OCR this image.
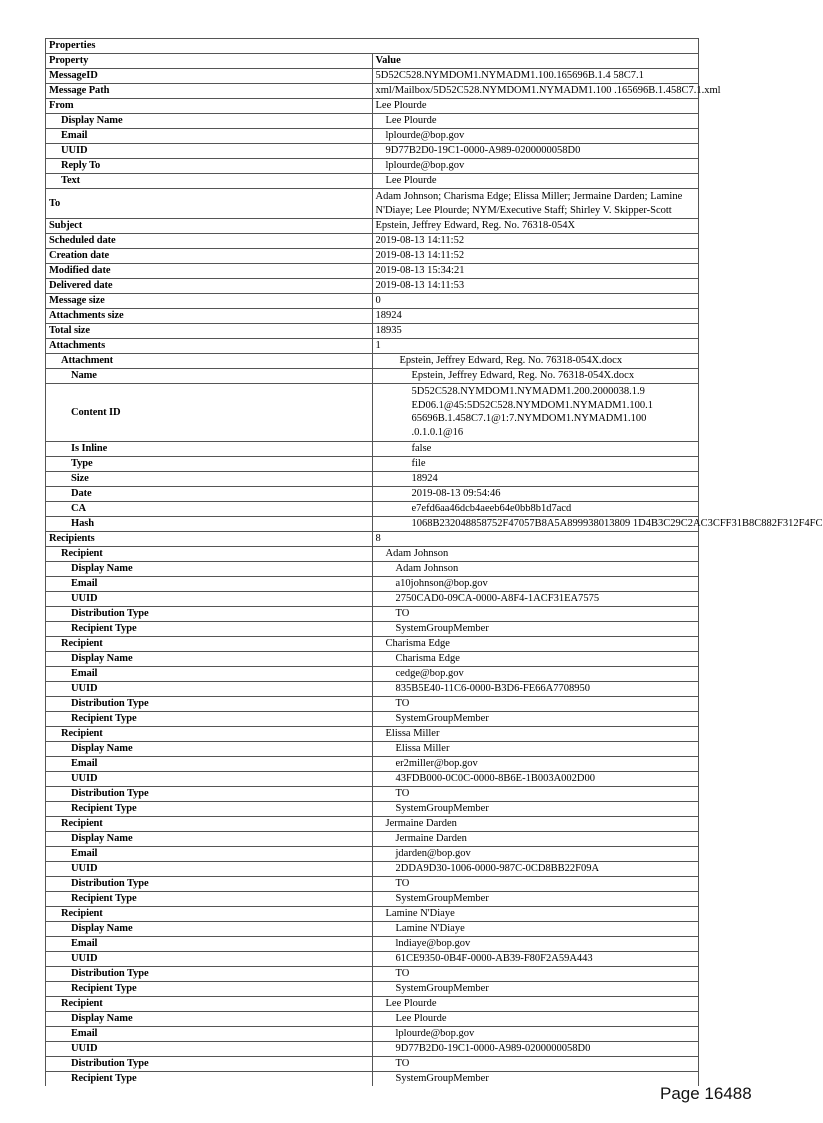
Properties	
Property	Value
MessageID	5D52C528.NYMDOM1.NYMADM1.100.165696B.1.4 58C7.1
Message Path	xml/Mailbox/5D52C528.NYMDOM1.NYMADM1.100 .165696B.1.458C7.1.xml
From	Lee Plourde
Display Name	Lee Plourde
Email	lplourde@bop.gov
UUID	9D77B2D0-19C1-0000-A989-0200000058D0
Reply To	lplourde@bop.gov
Text	Lee Plourde
To	Adam Johnson; Charisma Edge; Elissa Miller; Jermaine Darden; Lamine N'Diaye; Lee Plourde; NYM/Executive Staff; Shirley V. Skipper-Scott
Subject	Epstein, Jeffrey Edward, Reg. No. 76318-054X
Scheduled date	2019-08-13 14:11:52
Creation date	2019-08-13 14:11:52
Modified date	2019-08-13 15:34:21
Delivered date	2019-08-13 14:11:53
Message size	0
Attachments size	18924
Total size	18935
Attachments	1
Attachment	Epstein, Jeffrey Edward, Reg. No. 76318-054X.docx
Name	Epstein, Jeffrey Edward, Reg. No. 76318-054X.docx
Content ID	5D52C528.NYMDOM1.NYMADM1.200.2000038.1.9
ED06.1@45:5D52C528.NYMDOM1.NYMADM1.100.1
65696B.1.458C7.1@1:7.NYMDOM1.NYMADM1.100 .0.1.0.1@16

Is Inline	false
Type	file
Size	18924
Date	2019-08-13 09:54:46
CA	e7efd6aa46dcb4aeeb64e0bb8b1d7acd
Hash	1068B232048858752F47057B8A5A899938013809 1D4B3C29C2AC3CFF31B8C882F312F4FC
Recipients	8
Recipient	Adam Johnson
Display Name	Adam Johnson
Email	a10johnson@bop.gov
UUID	2750CAD0-09CA-0000-A8F4-1ACF31EA7575
Distribution Type	TO
Recipient Type	SystemGroupMember
Recipient	Charisma Edge
Display Name	Charisma Edge
Email	cedge@bop.gov
UUID	835B5E40-11C6-0000-B3D6-FE66A7708950
Distribution Type	TO
Recipient Type	SystemGroupMember
Recipient	Elissa Miller
Display Name	Elissa Miller
Email	er2miller@bop.gov
UUID	43FDB000-0C0C-0000-8B6E-1B003A002D00
Distribution Type	TO
Recipient Type	SystemGroupMember
Recipient	Jermaine Darden
Display Name	Jermaine Darden
Email	jdarden@bop.gov
UUID	2DDA9D30-1006-0000-987C-0CD8BB22F09A
Distribution Type	TO
Recipient Type	SystemGroupMember
Recipient	Lamine N'Diaye
Display Name	Lamine N'Diaye
Email	lndiaye@bop.gov
UUID	61CE9350-0B4F-0000-AB39-F80F2A59A443
Distribution Type	TO
Recipient Type	SystemGroupMember
Recipient	Lee Plourde
Display Name	Lee Plourde
Email	lplourde@bop.gov
UUID	9D77B2D0-19C1-0000-A989-0200000058D0
Distribution Type	TO
Recipient Type	SystemGroupMember
Page 16488
